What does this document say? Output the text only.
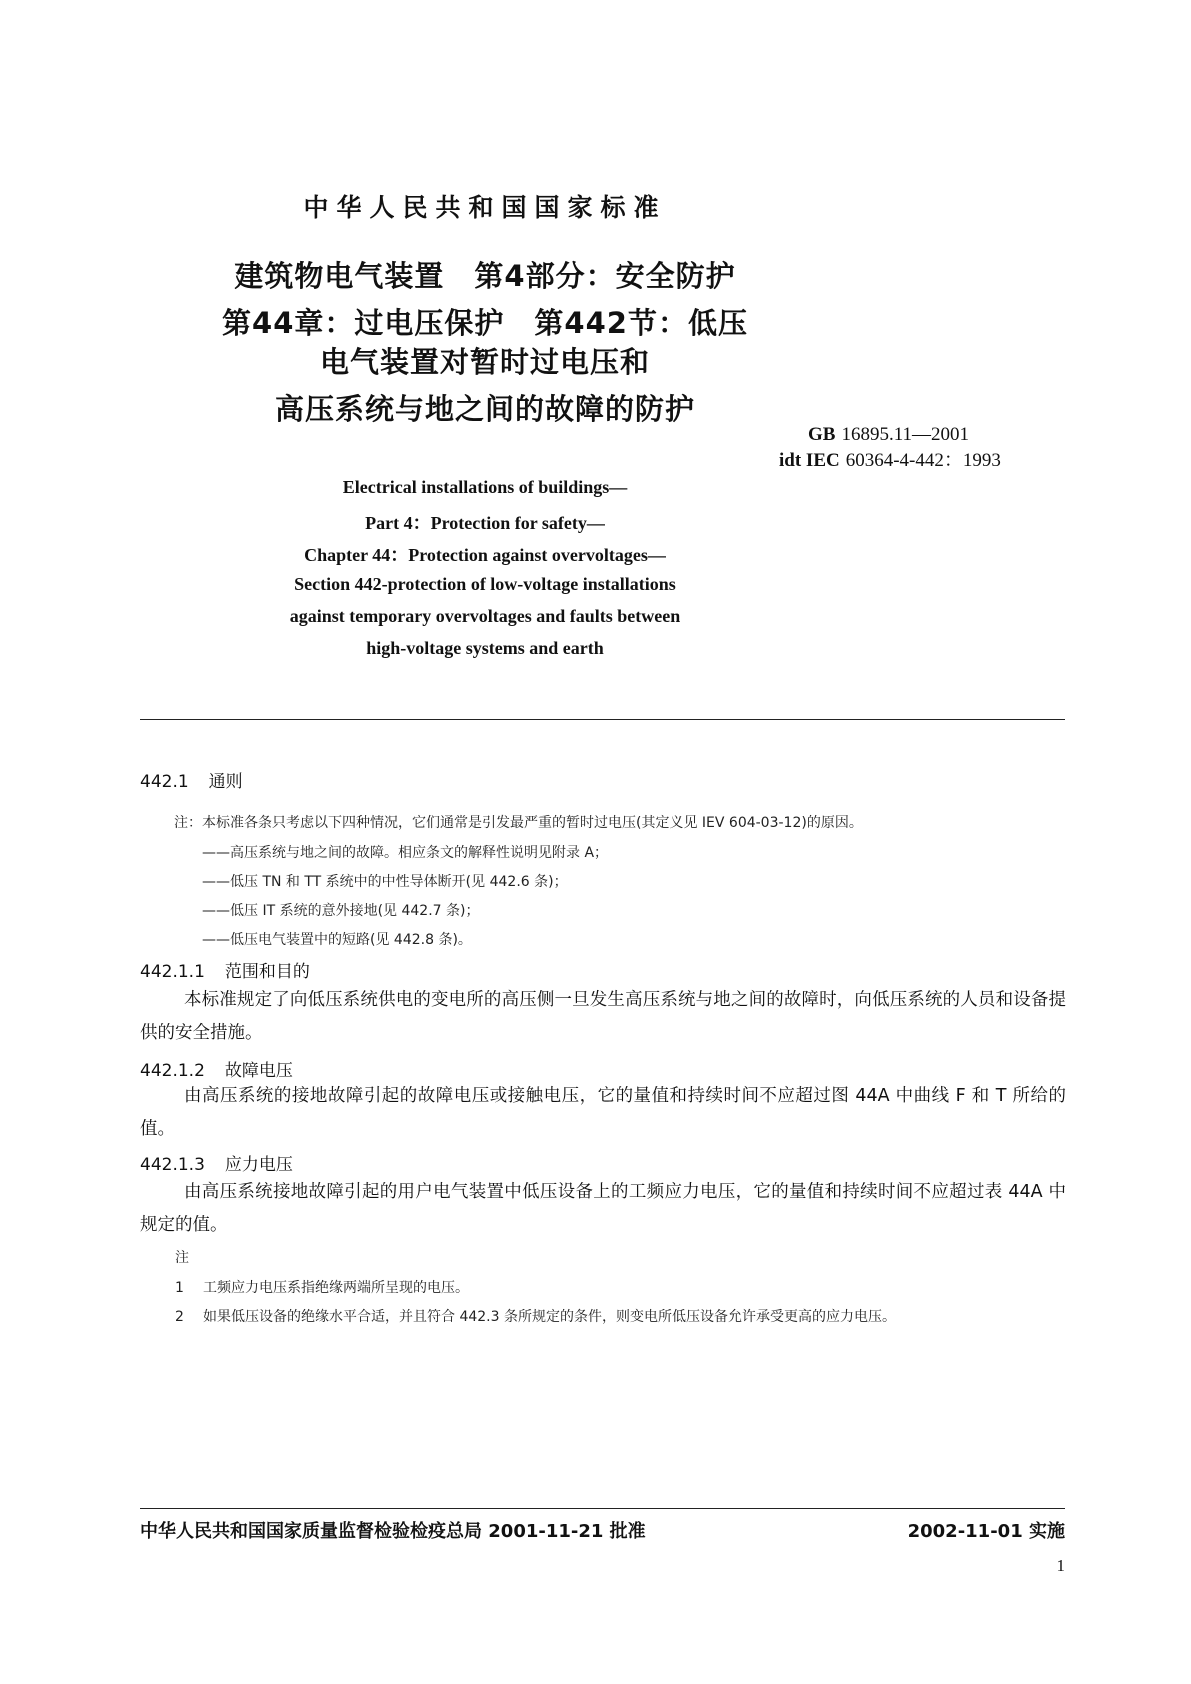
中华人民共和国国家标准
建筑物电气装置　第4部分：安全防护
第44章：过电压保护　第442节：低压
电气装置对暂时过电压和
高压系统与地之间的故障的防护
GB 16895.11—2001
idt IEC 60364-4-442：1993
Electrical installations of buildings—
Part 4：Protection for safety—
Chapter 44：Protection against overvoltages—
Section 442-protection of low-voltage installations
against temporary overvoltages and faults between
high-voltage systems and earth
442.1 通则
注：本标准各条只考虑以下四种情况，它们通常是引发最严重的暂时过电压(其定义见 IEV 604-03-12)的原因。
——高压系统与地之间的故障。相应条文的解释性说明见附录 A；
——低压 TN 和 TT 系统中的中性导体断开(见 442.6 条)；
——低压 IT 系统的意外接地(见 442.7 条)；
——低压电气装置中的短路(见 442.8 条)。
442.1.1 范围和目的
本标准规定了向低压系统供电的变电所的高压侧一旦发生高压系统与地之间的故障时，向低压系统的人员和设备提供的安全措施。
442.1.2 故障电压
由高压系统的接地故障引起的故障电压或接触电压，它的量值和持续时间不应超过图 44A 中曲线 F 和 T 所给的值。
442.1.3 应力电压
由高压系统接地故障引起的用户电气装置中低压设备上的工频应力电压，它的量值和持续时间不应超过表 44A 中规定的值。
注
1 工频应力电压系指绝缘两端所呈现的电压。
2 如果低压设备的绝缘水平合适，并且符合 442.3 条所规定的条件，则变电所低压设备允许承受更高的应力电压。
中华人民共和国国家质量监督检验检疫总局 2001-11-21 批准	2002-11-01 实施
1
